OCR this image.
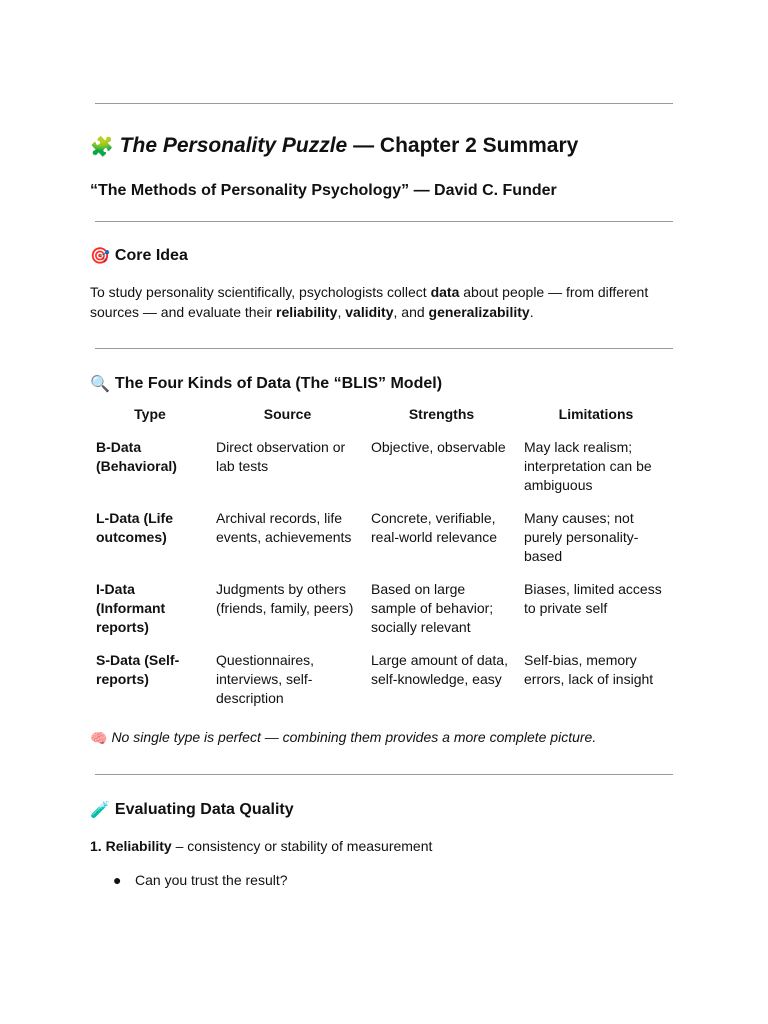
🧩 The Personality Puzzle — Chapter 2 Summary
“The Methods of Personality Psychology” — David C. Funder
🎯 Core Idea
To study personality scientifically, psychologists collect data about people — from different sources — and evaluate their reliability, validity, and generalizability.
🔍 The Four Kinds of Data (The “BLIS” Model)
Type	Source	Strengths	Limitations
B-Data (Behavioral)	Direct observation or lab tests	Objective, observable	May lack realism; interpretation can be ambiguous
L-Data (Life outcomes)	Archival records, life events, achievements	Concrete, verifiable, real-world relevance	Many causes; not purely personality-based
I-Data (Informant reports)	Judgments by others (friends, family, peers)	Based on large sample of behavior; socially relevant	Biases, limited access to private self
S-Data (Self-reports)	Questionnaires, interviews, self-description	Large amount of data, self-knowledge, easy	Self-bias, memory errors, lack of insight
🧠 No single type is perfect — combining them provides a more complete picture.
🧪 Evaluating Data Quality
1. Reliability – consistency or stability of measurement
● Can you trust the result?
